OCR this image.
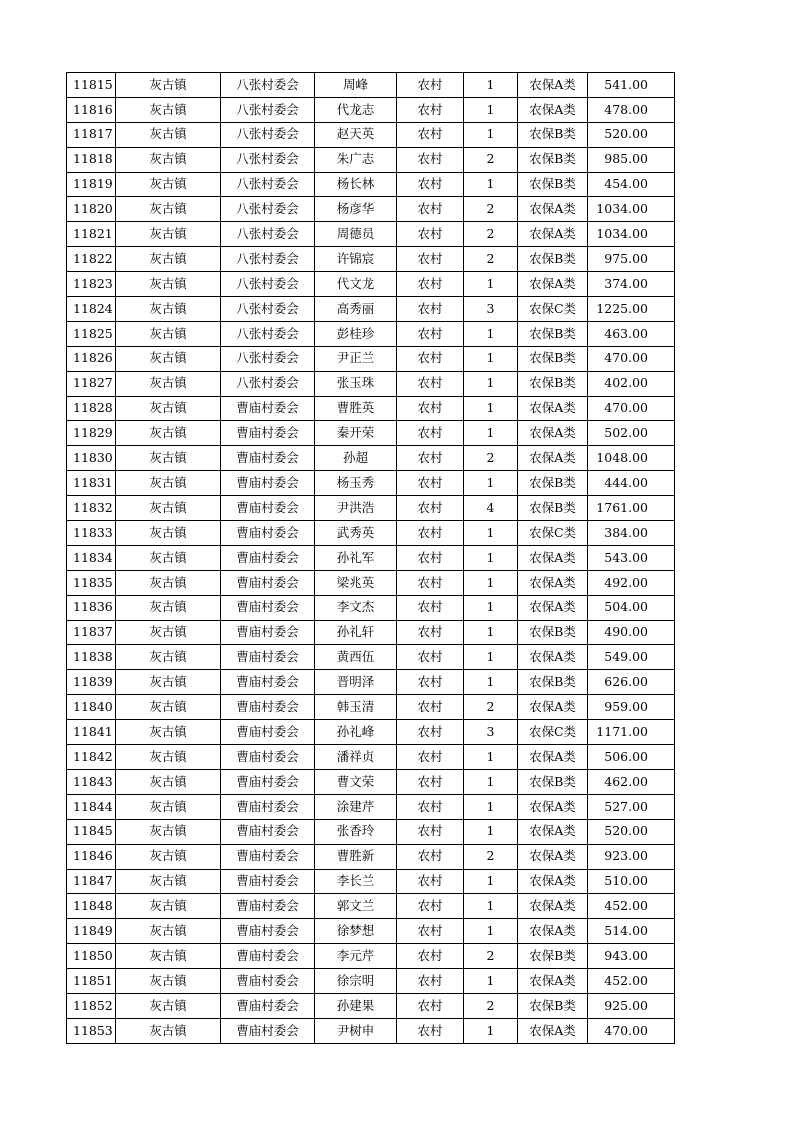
11815	灰古镇	八张村委会	周峰	农村	1	农保A类	541.00
11816	灰古镇	八张村委会	代龙志	农村	1	农保A类	478.00
11817	灰古镇	八张村委会	赵天英	农村	1	农保B类	520.00
11818	灰古镇	八张村委会	朱广志	农村	2	农保B类	985.00
11819	灰古镇	八张村委会	杨长林	农村	1	农保B类	454.00
11820	灰古镇	八张村委会	杨彦华	农村	2	农保A类	1034.00
11821	灰古镇	八张村委会	周德员	农村	2	农保A类	1034.00
11822	灰古镇	八张村委会	许锦宸	农村	2	农保B类	975.00
11823	灰古镇	八张村委会	代文龙	农村	1	农保A类	374.00
11824	灰古镇	八张村委会	高秀丽	农村	3	农保C类	1225.00
11825	灰古镇	八张村委会	彭桂珍	农村	1	农保B类	463.00
11826	灰古镇	八张村委会	尹正兰	农村	1	农保B类	470.00
11827	灰古镇	八张村委会	张玉珠	农村	1	农保B类	402.00
11828	灰古镇	曹庙村委会	曹胜英	农村	1	农保A类	470.00
11829	灰古镇	曹庙村委会	秦开荣	农村	1	农保A类	502.00
11830	灰古镇	曹庙村委会	孙超	农村	2	农保A类	1048.00
11831	灰古镇	曹庙村委会	杨玉秀	农村	1	农保B类	444.00
11832	灰古镇	曹庙村委会	尹洪浩	农村	4	农保B类	1761.00
11833	灰古镇	曹庙村委会	武秀英	农村	1	农保C类	384.00
11834	灰古镇	曹庙村委会	孙礼军	农村	1	农保A类	543.00
11835	灰古镇	曹庙村委会	梁兆英	农村	1	农保A类	492.00
11836	灰古镇	曹庙村委会	李文杰	农村	1	农保A类	504.00
11837	灰古镇	曹庙村委会	孙礼轩	农村	1	农保B类	490.00
11838	灰古镇	曹庙村委会	黄西伍	农村	1	农保A类	549.00
11839	灰古镇	曹庙村委会	晋明泽	农村	1	农保B类	626.00
11840	灰古镇	曹庙村委会	韩玉清	农村	2	农保A类	959.00
11841	灰古镇	曹庙村委会	孙礼峰	农村	3	农保C类	1171.00
11842	灰古镇	曹庙村委会	潘祥贞	农村	1	农保A类	506.00
11843	灰古镇	曹庙村委会	曹文荣	农村	1	农保B类	462.00
11844	灰古镇	曹庙村委会	涂建芹	农村	1	农保A类	527.00
11845	灰古镇	曹庙村委会	张香玲	农村	1	农保A类	520.00
11846	灰古镇	曹庙村委会	曹胜新	农村	2	农保A类	923.00
11847	灰古镇	曹庙村委会	李长兰	农村	1	农保A类	510.00
11848	灰古镇	曹庙村委会	郭文兰	农村	1	农保A类	452.00
11849	灰古镇	曹庙村委会	徐梦想	农村	1	农保A类	514.00
11850	灰古镇	曹庙村委会	李元芹	农村	2	农保B类	943.00
11851	灰古镇	曹庙村委会	徐宗明	农村	1	农保A类	452.00
11852	灰古镇	曹庙村委会	孙建果	农村	2	农保B类	925.00
11853	灰古镇	曹庙村委会	尹树申	农村	1	农保A类	470.00
